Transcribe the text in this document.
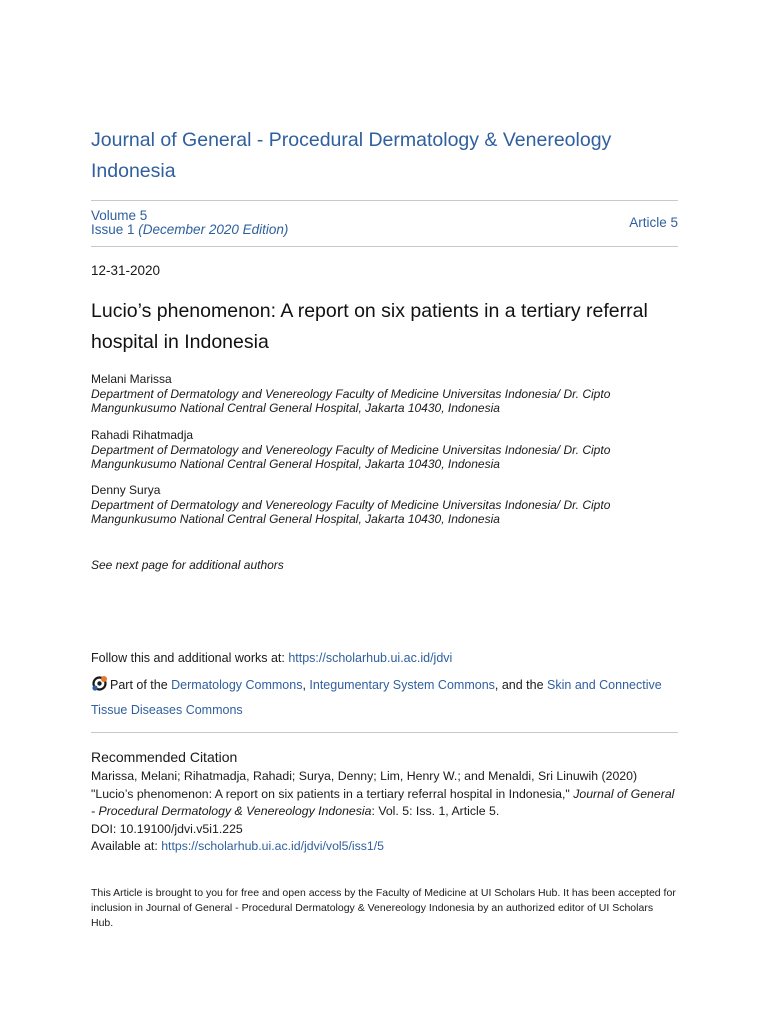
Journal of General - Procedural Dermatology & Venereology Indonesia
Volume 5
Issue 1 (December 2020 Edition)	Article 5
12-31-2020
Lucio’s phenomenon: A report on six patients in a tertiary referral hospital in Indonesia
Melani Marissa
Department of Dermatology and Venereology Faculty of Medicine Universitas Indonesia/ Dr. Cipto Mangunkusumo National Central General Hospital, Jakarta 10430, Indonesia
Rahadi Rihatmadja
Department of Dermatology and Venereology Faculty of Medicine Universitas Indonesia/ Dr. Cipto Mangunkusumo National Central General Hospital, Jakarta 10430, Indonesia
Denny Surya
Department of Dermatology and Venereology Faculty of Medicine Universitas Indonesia/ Dr. Cipto Mangunkusumo National Central General Hospital, Jakarta 10430, Indonesia
See next page for additional authors
Follow this and additional works at: https://scholarhub.ui.ac.id/jdvi
Part of the Dermatology Commons, Integumentary System Commons, and the Skin and Connective Tissue Diseases Commons
Recommended Citation
Marissa, Melani; Rihatmadja, Rahadi; Surya, Denny; Lim, Henry W.; and Menaldi, Sri Linuwih (2020) "Lucio’s phenomenon: A report on six patients in a tertiary referral hospital in Indonesia," Journal of General - Procedural Dermatology & Venereology Indonesia: Vol. 5: Iss. 1, Article 5.
DOI: 10.19100/jdvi.v5i1.225
Available at: https://scholarhub.ui.ac.id/jdvi/vol5/iss1/5
This Article is brought to you for free and open access by the Faculty of Medicine at UI Scholars Hub. It has been accepted for inclusion in Journal of General - Procedural Dermatology & Venereology Indonesia by an authorized editor of UI Scholars Hub.
